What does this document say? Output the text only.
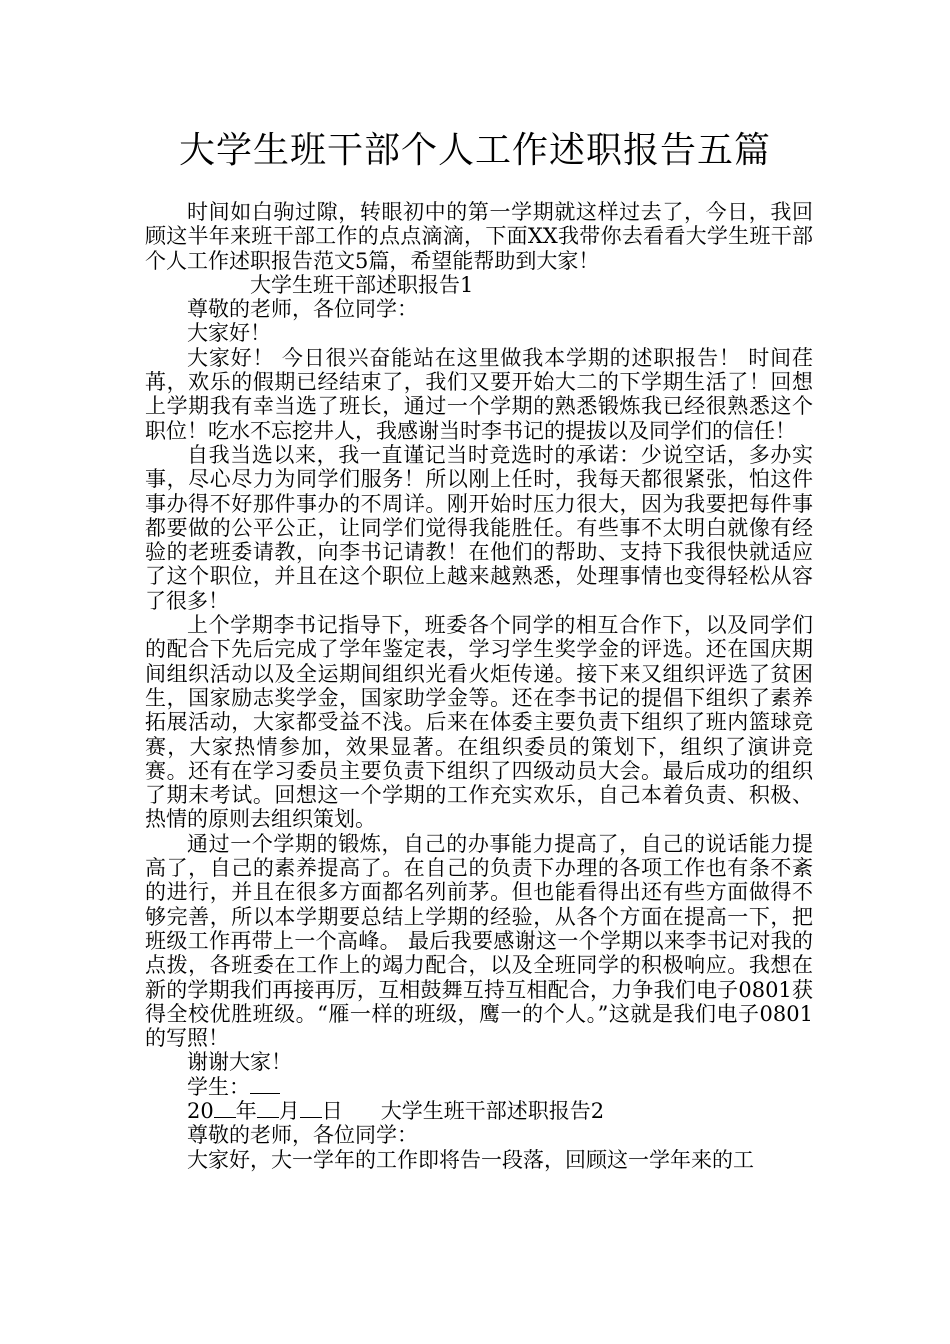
大学生班干部个人工作述职报告五篇

时间如白驹过隙，转眼初中的第一学期就这样过去了，今日，我回顾这半年来班干部工作的点点滴滴，下面XX我带你去看看大学生班干部个人工作述职报告范文5篇，希望能帮助到大家！

大学生班干部述职报告1

尊敬的老师，各位同学：

大家好！

大家好！ 今日很兴奋能站在这里做我本学期的述职报告！ 时间荏苒，欢乐的假期已经结束了，我们又要开始大二的下学期生活了！回想上学期我有幸当选了班长，通过一个学期的熟悉锻炼我已经很熟悉这个职位！吃水不忘挖井人，我感谢当时李书记的提拔以及同学们的信任！

自我当选以来，我一直谨记当时竞选时的承诺：少说空话，多办实事，尽心尽力为同学们服务！所以刚上任时，我每天都很紧张，怕这件事办得不好那件事办的不周详。刚开始时压力很大，因为我要把每件事都要做的公平公正，让同学们觉得我能胜任。有些事不太明白就像有经验的老班委请教，向李书记请教！在他们的帮助、支持下我很快就适应了这个职位，并且在这个职位上越来越熟悉，处理事情也变得轻松从容了很多！

上个学期李书记指导下，班委各个同学的相互合作下，以及同学们的配合下先后完成了学年鉴定表，学习学生奖学金的评选。还在国庆期间组织活动以及全运期间组织光看火炬传递。接下来又组织评选了贫困生，国家励志奖学金，国家助学金等。还在李书记的提倡下组织了素养拓展活动，大家都受益不浅。后来在体委主要负责下组织了班内篮球竞赛，大家热情参加，效果显著。在组织委员的策划下，组织了演讲竞赛。还有在学习委员主要负责下组织了四级动员大会。最后成功的组织了期末考试。回想这一个学期的工作充实欢乐，自己本着负责、积极、热情的原则去组织策划。

通过一个学期的锻炼，自己的办事能力提高了，自己的说话能力提高了，自己的素养提高了。在自己的负责下办理的各项工作也有条不紊的进行，并且在很多方面都名列前茅。但也能看得出还有些方面做得不够完善，所以本学期要总结上学期的经验，从各个方面在提高一下，把班级工作再带上一个高峰。 最后我要感谢这一个学期以来李书记对我的点拨，各班委在工作上的竭力配合，以及全班同学的积极响应。我想在新的学期我们再接再厉，互相鼓舞互持互相配合，力争我们电子0801获得全校优胜班级。“雁一样的班级，鹰一的个人。”这就是我们电子0801的写照！

谢谢大家！

学生：

20 年 月 日 大学生班干部述职报告2

尊敬的老师，各位同学：

大家好，大一学年的工作即将告一段落，回顾这一学年来的工
